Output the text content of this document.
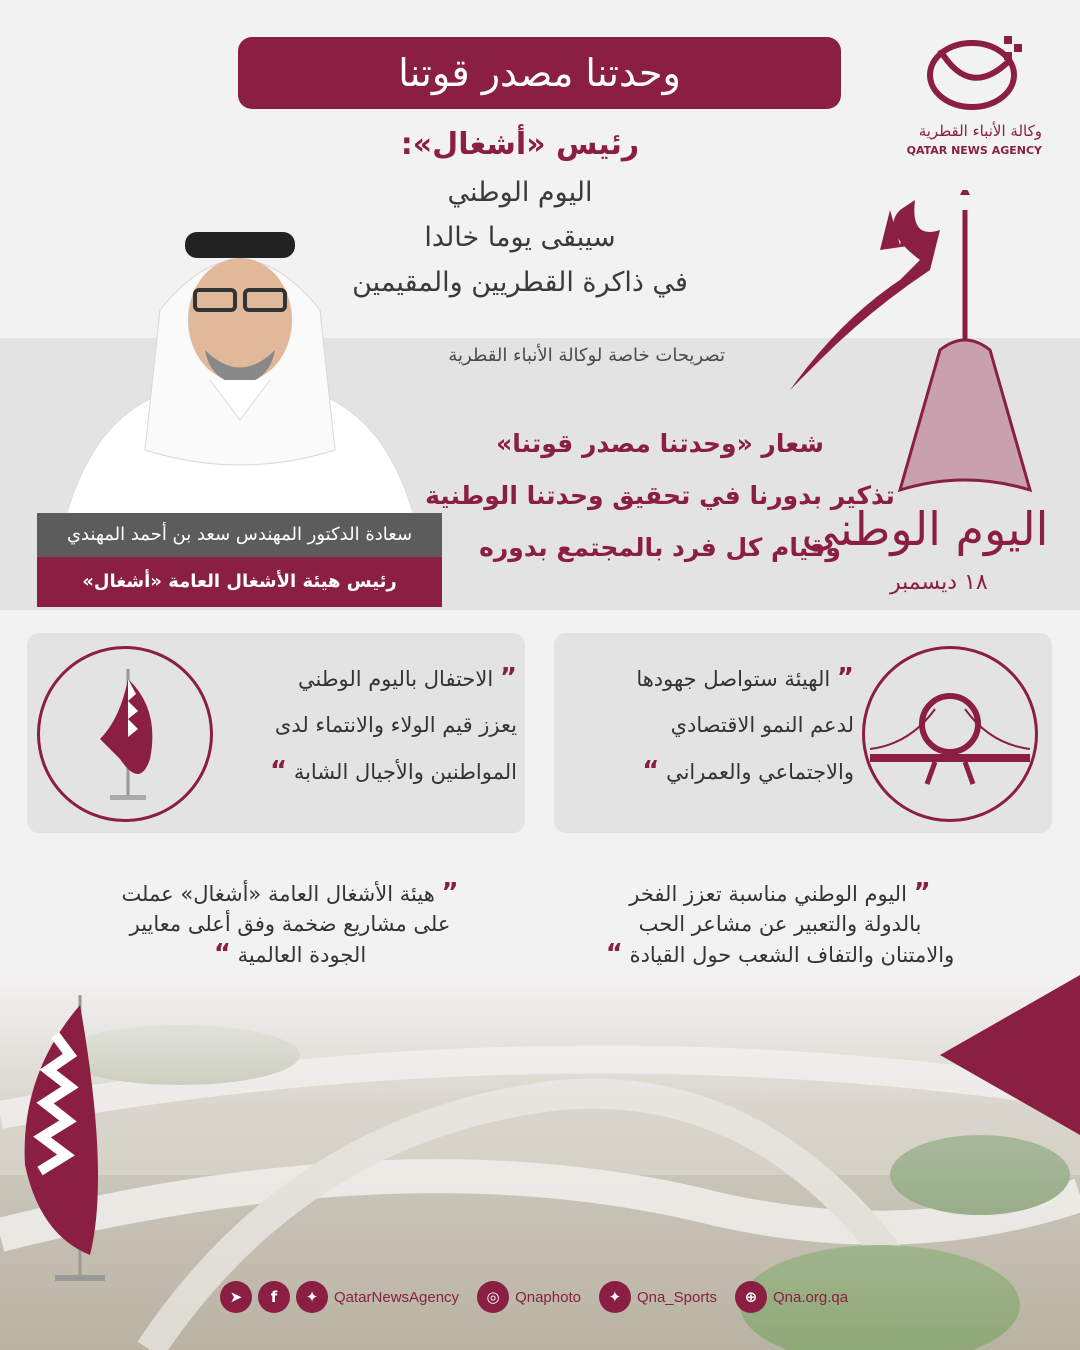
وحدتنا مصدر قوتنا
وكالة الأنباء القطرية
QATAR NEWS AGENCY
رئيس «أشغال»:
اليوم الوطني
سيبقى يوما خالدا
في ذاكرة القطريين والمقيمين
تصريحات خاصة لوكالة الأنباء القطرية
شعار «وحدتنا مصدر قوتنا»
تذكير بدورنا في تحقيق وحدتنا الوطنية
وقيام كل فرد بالمجتمع بدوره
سعادة الدكتور المهندس سعد بن أحمد المهندي
رئيس هيئة الأشغال العامة «أشغال»
اليوم الوطني
١٨ ديسمبر
” الاحتفال باليوم الوطني
يعزز قيم الولاء والانتماء لدى
المواطنين والأجيال الشابة “
” الهيئة ستواصل جهودها
لدعم النمو الاقتصادي
والاجتماعي والعمراني “
” هيئة الأشغال العامة «أشغال» عملت
على مشاريع ضخمة وفق أعلى معايير
الجودة العالمية “
” اليوم الوطني مناسبة تعزز الفخر
بالدولة والتعبير عن مشاعر الحب
والامتنان والتفاف الشعب حول القيادة “
➤	f	✦	QatarNewsAgency	◎	Qnaphoto	✦	Qna_Sports	⊕	Qna.org.qa
